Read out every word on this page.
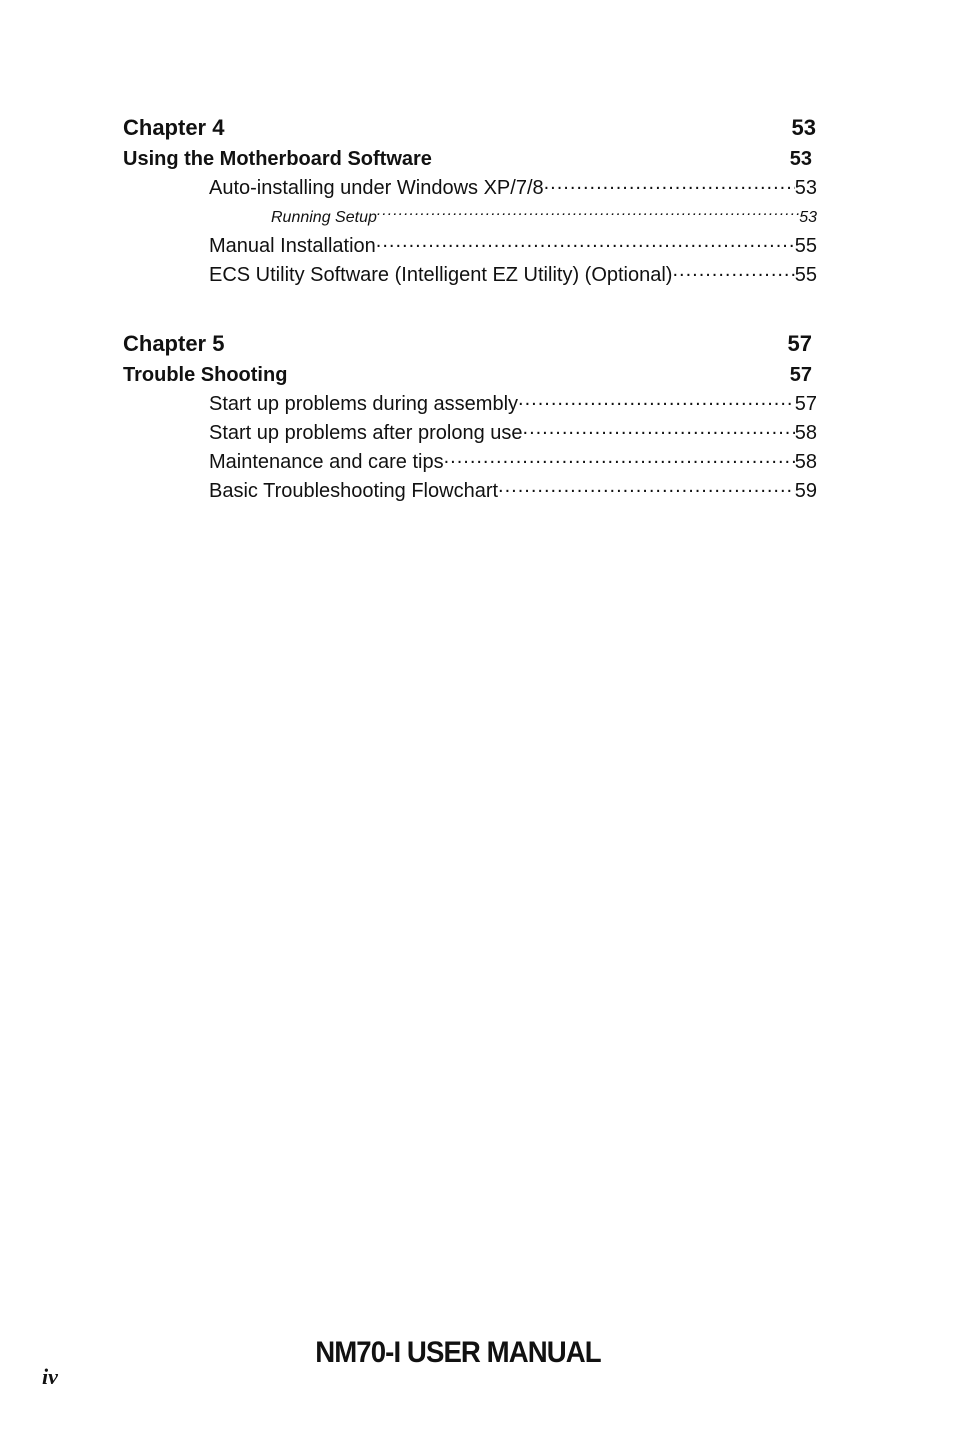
Chapter 4	53
Using the Motherboard Software	53
Auto-installing under Windows XP/7/8 .....	53
Running Setup .....	53
Manual Installation .....	55
ECS Utility Software (Intelligent EZ Utility) (Optional) .....	55
Chapter 5	57
Trouble Shooting	57
Start up problems during assembly .....	57
Start up problems after prolong use .....	58
Maintenance and care tips .....	58
Basic Troubleshooting Flowchart .....	59
NM70-I USER MANUAL
iv
